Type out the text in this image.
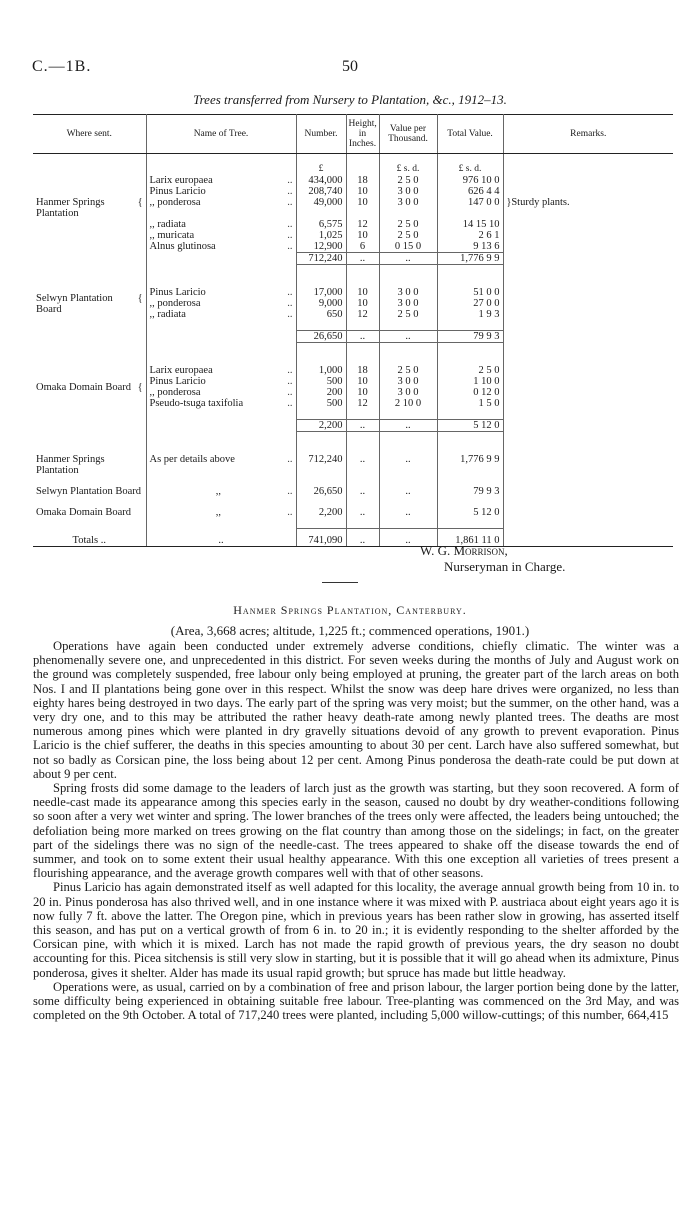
C.—1B.	50
Trees transferred from Nursery to Plantation, &c., 1912–13.
Where sent.	Name of Tree.	Number.	Height, in Inches.	Value per Thousand.	Total Value.	Remarks.

		£		£ s. d.	£ s. d.	
	Larix europaea ..	434,000	18	2 5 0	976 10 0	
	Pinus Laricio ..	208,740	10	3 0 0	626 4 4	

{
Hanmer Springs Plantation	,, ponderosa ..	49,000	10	3 0 0	147 0 0	}Sturdy plants.
	,, radiata ..	6,575	12	2 5 0	14 15 10	
	,, muricata ..	1,025	10	2 5 0	2 6 1	
	Alnus glutinosa ..	12,900	6	0 15 0	9 13 6	
		712,240	..	..	1,776 9 9	

{
Selwyn Plantation Board	Pinus Laricio ..	17,000	10	3 0 0	51 0 0	
	,, ponderosa ..	9,000	10	3 0 0	27 0 0	
	,, radiata ..	650	12	2 5 0	1 9 3	

		26,650	..	..	79 9 3	

{
Omaka Domain Board	Larix europaea ..	1,000	18	2 5 0	2 5 0	
	Pinus Laricio ..	500	10	3 0 0	1 10 0	
	,, ponderosa ..	200	10	3 0 0	0 12 0	
	Pseudo-tsuga taxifolia ..	500	12	2 10 0	1 5 0	

		2,200	..	..	5 12 0	

Hanmer Springs Plantation	As per details above ..	712,240	..	..	1,776 9 9	

Selwyn Plantation Board	,, ..	26,650	..	..	79 9 3	

Omaka Domain Board	,, ..	2,200	..	..	5 12 0	

Totals ..	..	741,090	..	..	1,861 11 0	
W. G. Morrison,
Nurseryman in Charge.
Hanmer Springs Plantation, Canterbury.
(Area, 3,668 acres; altitude, 1,225 ft.; commenced operations, 1901.)

Operations have again been conducted under extremely adverse conditions, chiefly climatic. The winter was a phenomenally severe one, and unprecedented in this district. For seven weeks during the months of July and August work on the ground was completely suspended, free labour only being employed at pruning, the greater part of the larch areas on both Nos. I and II plantations being gone over in this respect. Whilst the snow was deep hare drives were organized, no less than eighty hares being destroyed in two days. The early part of the spring was very moist; but the summer, on the other hand, was a very dry one, and to this may be attributed the rather heavy death-rate among newly planted trees. The deaths are most numerous among pines which were planted in dry gravelly situations devoid of any growth to prevent evaporation. Pinus Laricio is the chief sufferer, the deaths in this species amounting to about 30 per cent. Larch have also suffered somewhat, but not so badly as Corsican pine, the loss being about 12 per cent. Among Pinus ponderosa the death-rate could be put down at about 9 per cent.

Spring frosts did some damage to the leaders of larch just as the growth was starting, but they soon recovered. A form of needle-cast made its appearance among this species early in the season, caused no doubt by dry weather-conditions following so soon after a very wet winter and spring. The lower branches of the trees only were affected, the leaders being untouched; the defoliation being more marked on trees growing on the flat country than among those on the sidelings; in fact, on the greater part of the sidelings there was no sign of the needle-cast. The trees appeared to shake off the disease towards the end of summer, and took on to some extent their usual healthy appearance. With this one exception all varieties of trees present a flourishing appearance, and the average growth compares well with that of other seasons.

Pinus Laricio has again demonstrated itself as well adapted for this locality, the average annual growth being from 10 in. to 20 in. Pinus ponderosa has also thrived well, and in one instance where it was mixed with P. austriaca about eight years ago it is now fully 7 ft. above the latter. The Oregon pine, which in previous years has been rather slow in growing, has asserted itself this season, and has put on a vertical growth of from 6 in. to 20 in.; it is evidently responding to the shelter afforded by the Corsican pine, with which it is mixed. Larch has not made the rapid growth of previous years, the dry season no doubt accounting for this. Picea sitchensis is still very slow in starting, but it is possible that it will go ahead when its admixture, Pinus ponderosa, gives it shelter. Alder has made its usual rapid growth; but spruce has made but little headway.

Operations were, as usual, carried on by a combination of free and prison labour, the larger portion being done by the latter, some difficulty being experienced in obtaining suitable free labour. Tree-planting was commenced on the 3rd May, and was completed on the 9th October. A total of 717,240 trees were planted, including 5,000 willow-cuttings; of this number, 664,415
